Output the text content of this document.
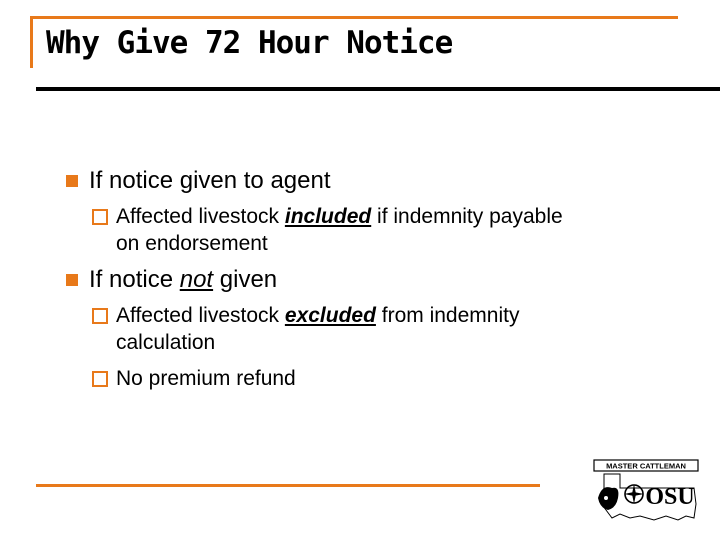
Why Give 72 Hour Notice
If notice given to agent
Affected livestock included if indemnity payable
on endorsement
If notice not given
Affected livestock excluded from indemnity
calculation
No premium refund
MASTER CATTLEMAN
OSU
